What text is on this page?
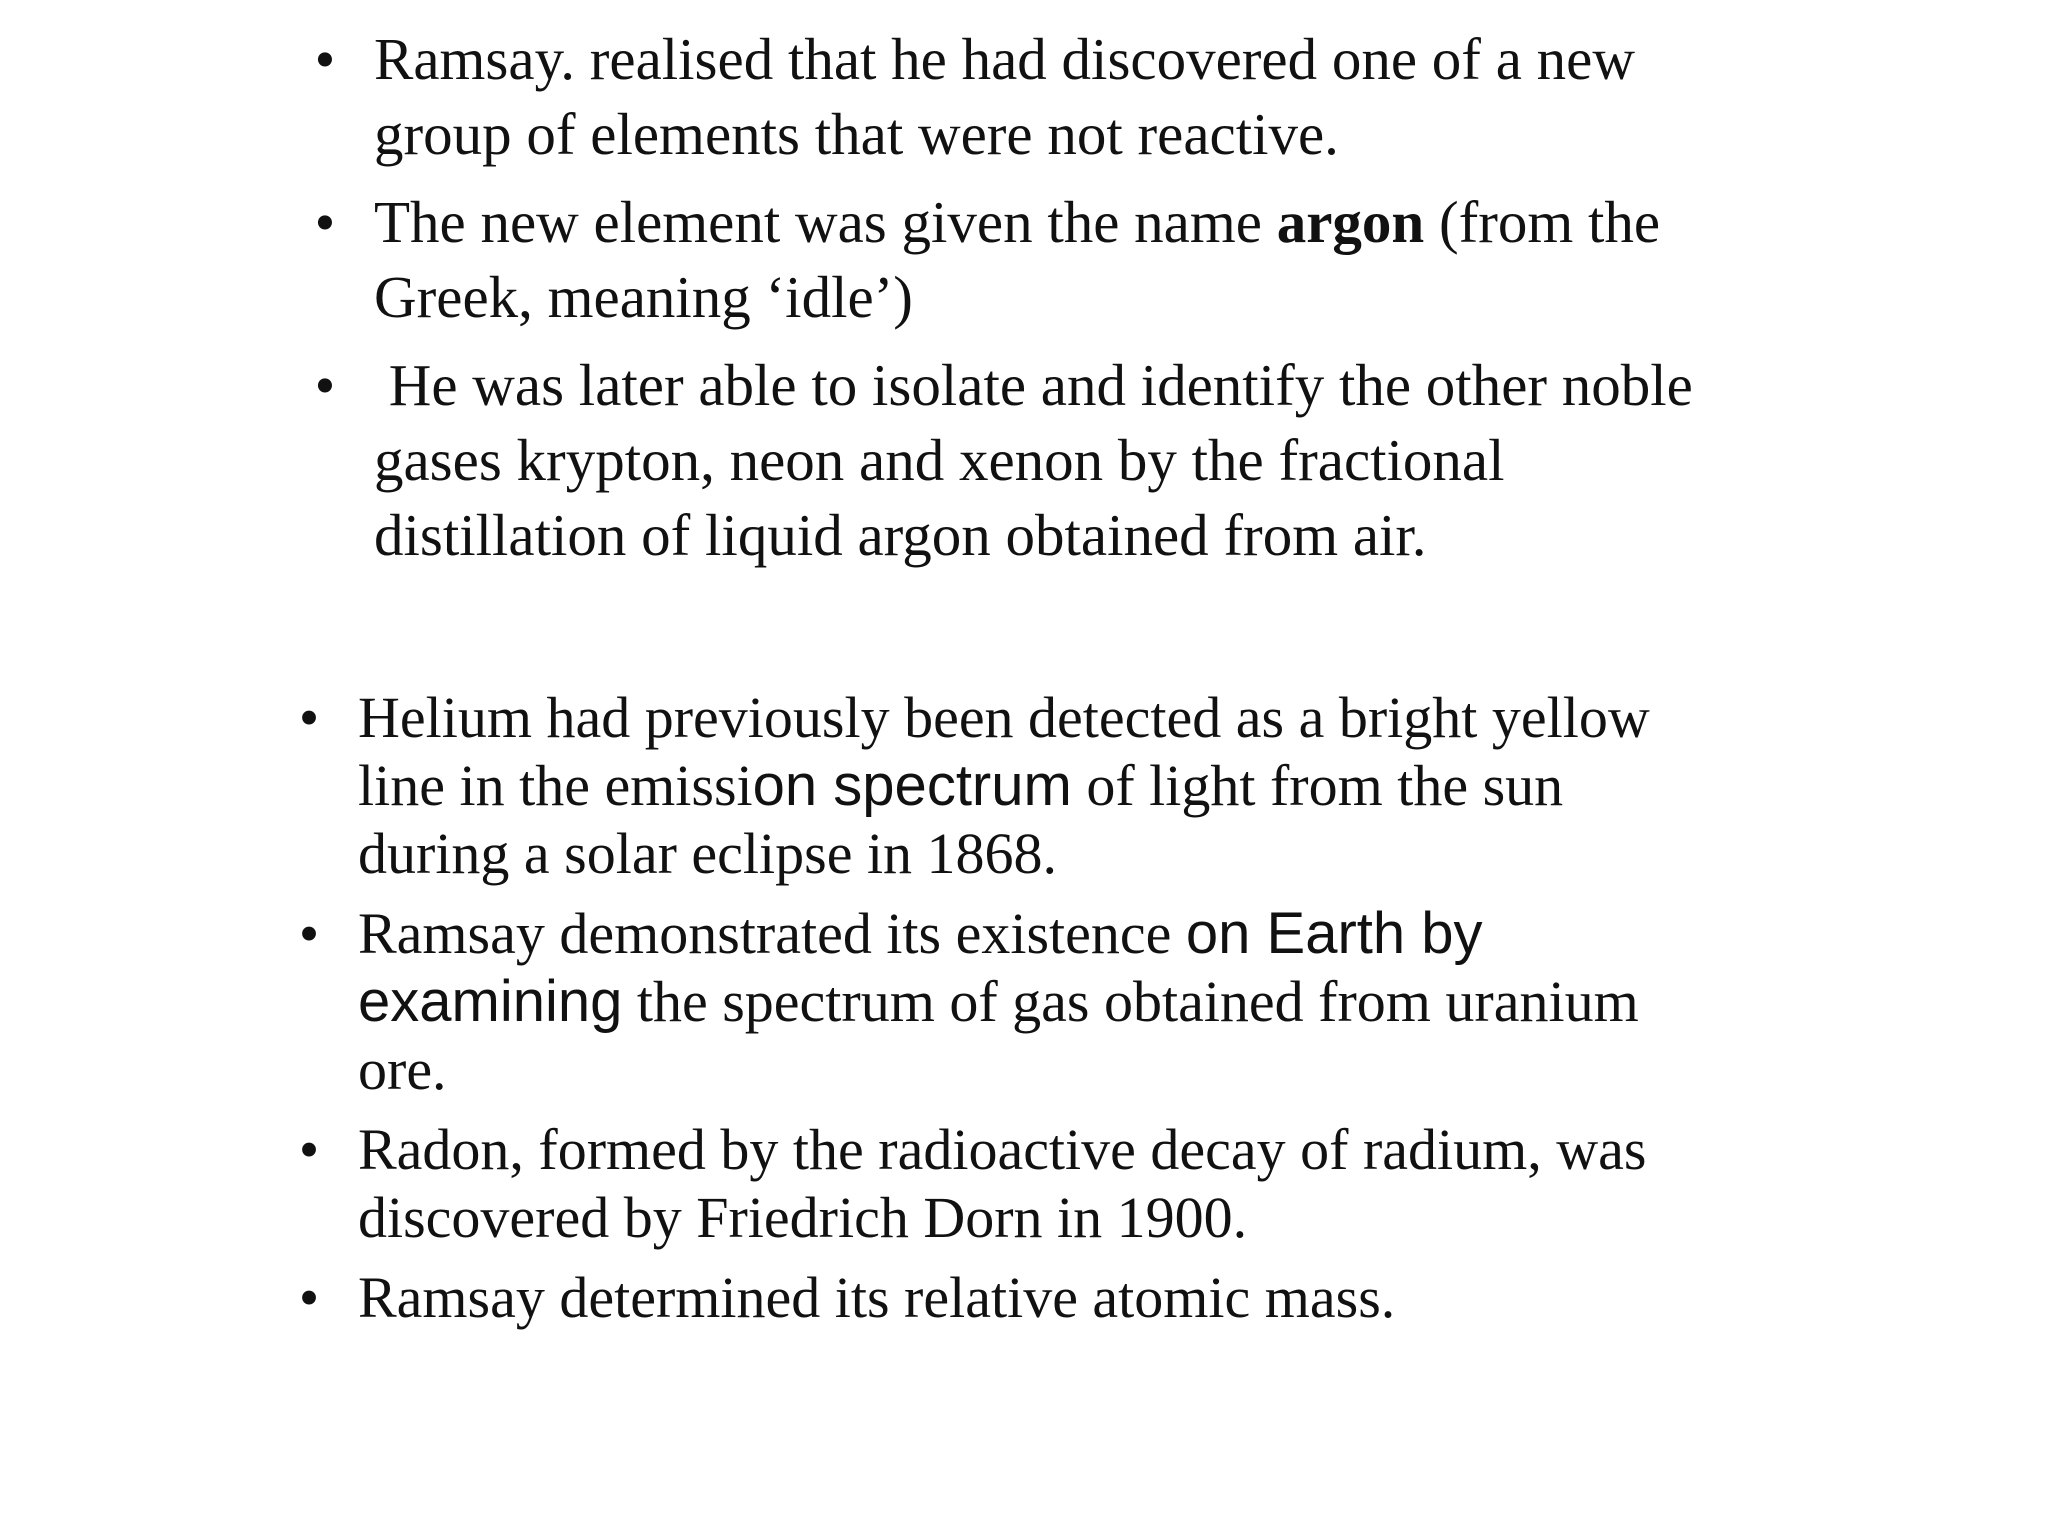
• Ramsay. realised that he had discovered one of a new group of elements that were not reactive.
• The new element was given the name argon (from the Greek, meaning ‘idle’)
• He was later able to isolate and identify the other noble gases krypton, neon and xenon by the fractional distillation of liquid argon obtained from air.
• Helium had previously been detected as a bright yellow line in the emission spectrum of light from the sun during a solar eclipse in 1868.
• Ramsay demonstrated its existence on Earth by examining the spectrum of gas obtained from uranium ore.
• Radon, formed by the radioactive decay of radium, was discovered by Friedrich Dorn in 1900.
• Ramsay determined its relative atomic mass.
